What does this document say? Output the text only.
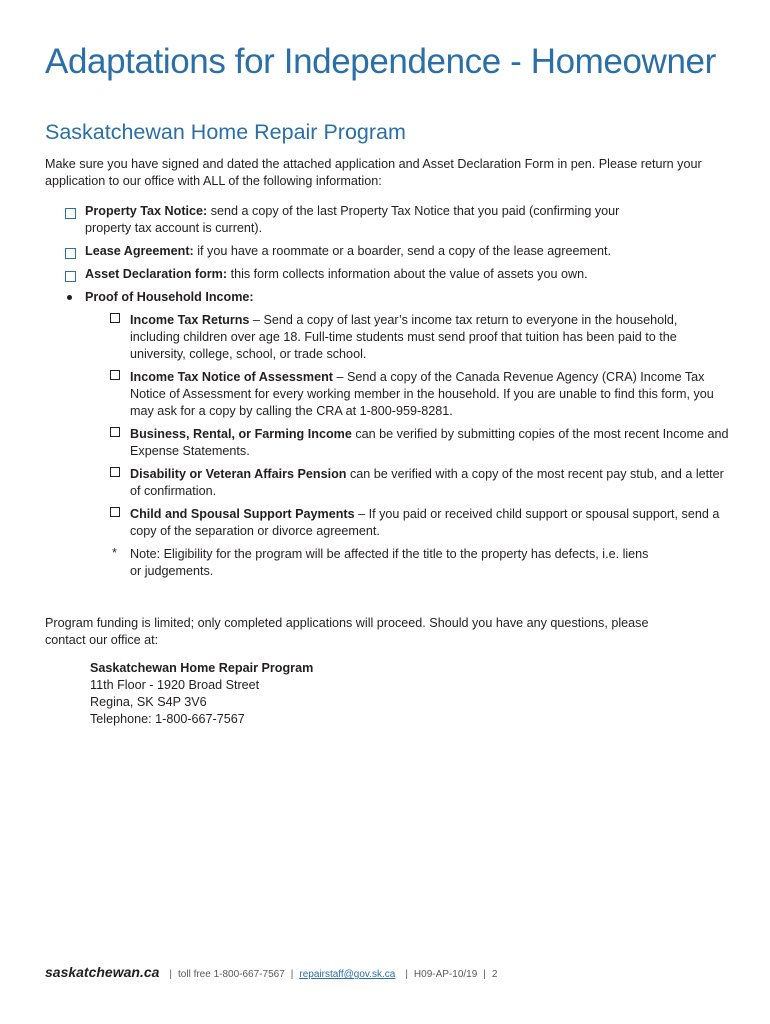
Adaptations for Independence - Homeowner
Saskatchewan Home Repair Program

Make sure you have signed and dated the attached application and Asset Declaration Form in pen. Please return your application to our office with ALL of the following information:

Property Tax Notice: send a copy of the last Property Tax Notice that you paid (confirming your property tax account is current).
Lease Agreement: if you have a roommate or a boarder, send a copy of the lease agreement.
Asset Declaration form: this form collects information about the value of assets you own.
Proof of Household Income:
Income Tax Returns – Send a copy of last year’s income tax return to everyone in the household, including children over age 18. Full-time students must send proof that tuition has been paid to the university, college, school, or trade school.
Income Tax Notice of Assessment – Send a copy of the Canada Revenue Agency (CRA) Income Tax Notice of Assessment for every working member in the household. If you are unable to find this form, you may ask for a copy by calling the CRA at 1-800-959-8281.
Business, Rental, or Farming Income can be verified by submitting copies of the most recent Income and Expense Statements.
Disability or Veteran Affairs Pension can be verified with a copy of the most recent pay stub, and a letter of confirmation.
Child and Spousal Support Payments – If you paid or received child support or spousal support, send a copy of the separation or divorce agreement.
* Note: Eligibility for the program will be affected if the title to the property has defects, i.e. liens or judgements.

Program funding is limited; only completed applications will proceed. Should you have any questions, please contact our office at:

Saskatchewan Home Repair Program
11th Floor - 1920 Broad Street
Regina, SK S4P 3V6
Telephone: 1-800-667-7567
saskatchewan.ca | toll free 1-800-667-7567 | repairstaff@gov.sk.ca | H09-AP-10/19 | 2
